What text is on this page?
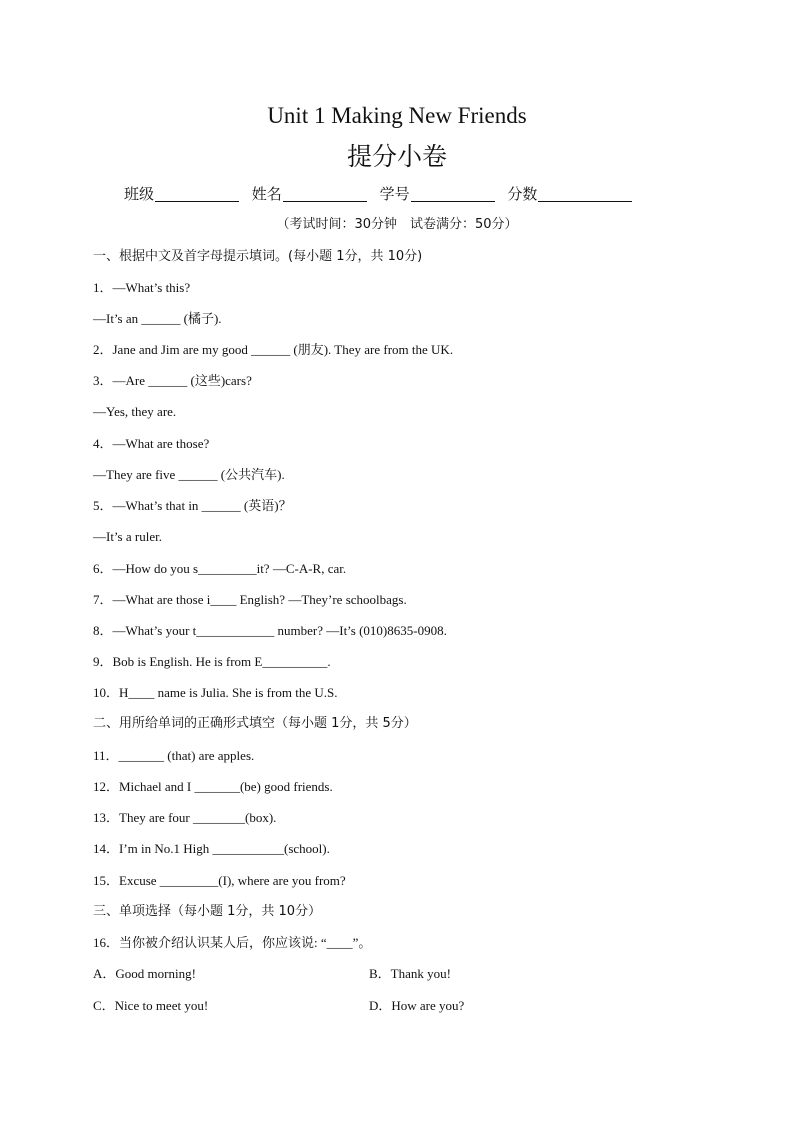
Unit 1 Making New Friends
提分小卷
班级	姓名	学号	分数
（考试时间：30分钟　试卷满分：50分）
一、根据中文及首字母提示填词。(每小题 1分，共 10分)
1．—What’s this?
—It’s an ______ (橘子).
2．Jane and Jim are my good ______ (朋友). They are from the UK.
3．—Are ______ (这些)cars?
—Yes, they are.
4．—What are those?
—They are five ______ (公共汽车).
5．—What’s that in ______ (英语)？
—It’s a ruler.
6．—How do you s_________it? —C-A-R, car.
7．—What are those i____ English? —They’re schoolbags.
8．—What’s your t____________ number? —It’s (010)8635-0908.
9．Bob is English. He is from E__________.
10．H____ name is Julia. She is from the U.S.
二、用所给单词的正确形式填空（每小题 1分，共 5分）
11．_______ (that) are apples.
12．Michael and I _______(be) good friends.
13．They are four ________(box).
14．I’m in No.1 High ___________(school).
15．Excuse _________(I), where are you from?
三、单项选择（每小题 1分，共 10分）
16．当你被介绍认识某人后，你应该说: “____”。
A．Good morning!	B．Thank you!
C．Nice to meet you!	D．How are you?
